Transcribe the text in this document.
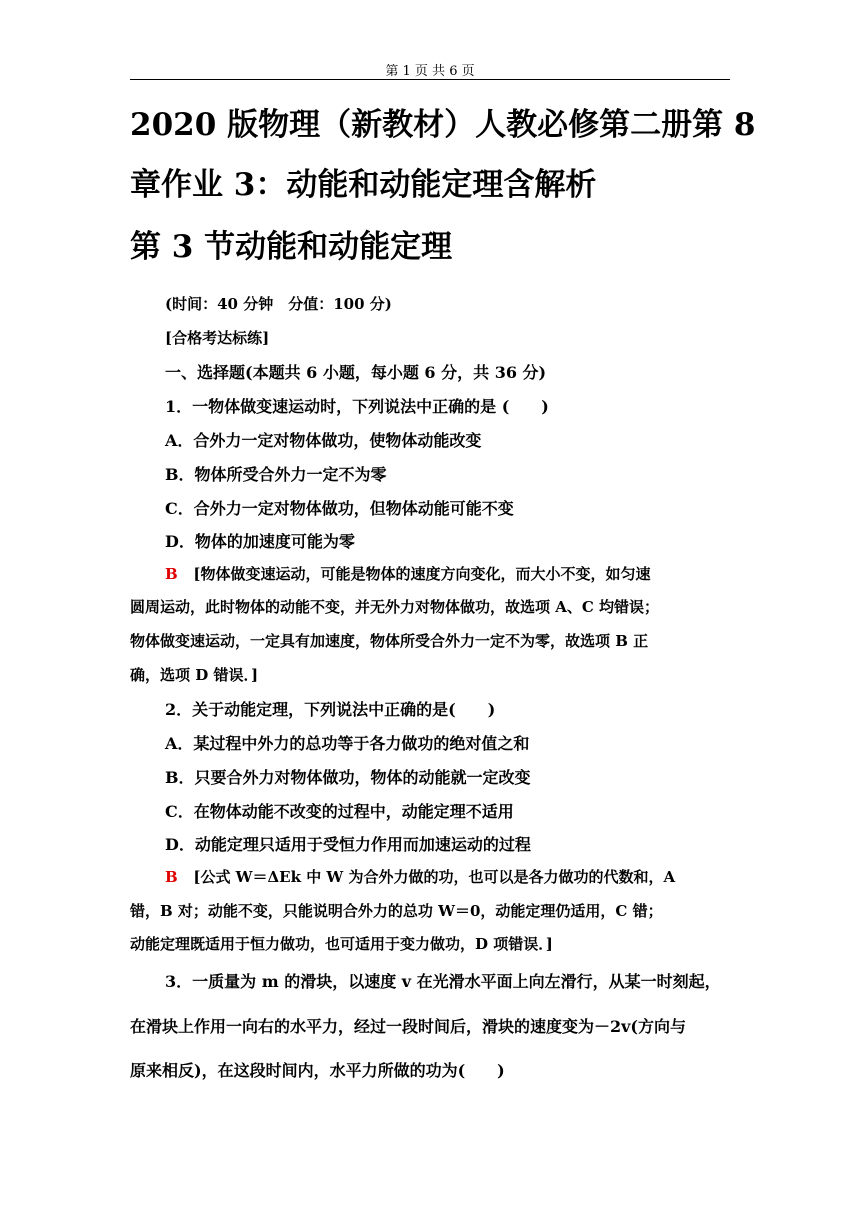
第 1 页 共 6 页
2020 版物理（新教材）人教必修第二册第 8
章作业 3：动能和动能定理含解析
第 3 节动能和动能定理
(时间：40 分钟　分值：100 分)
[合格考达标练]
一、选择题(本题共 6 小题，每小题 6 分，共 36 分)
1．一物体做变速运动时，下列说法中正确的是 (　　)
A．合外力一定对物体做功，使物体动能改变
B．物体所受合外力一定不为零
C．合外力一定对物体做功，但物体动能可能不变
D．物体的加速度可能为零
B [物体做变速运动，可能是物体的速度方向变化，而大小不变，如匀速
圆周运动，此时物体的动能不变，并无外力对物体做功，故选项 A、C 均错误；
物体做变速运动，一定具有加速度，物体所受合外力一定不为零，故选项 B 正
确，选项 D 错误．]
2．关于动能定理，下列说法中正确的是(　　)
A．某过程中外力的总功等于各力做功的绝对值之和
B．只要合外力对物体做功，物体的动能就一定改变
C．在物体动能不改变的过程中，动能定理不适用
D．动能定理只适用于受恒力作用而加速运动的过程
B [公式 W＝ΔEk 中 W 为合外力做的功，也可以是各力做功的代数和，A
错，B 对；动能不变，只能说明合外力的总功 W＝0，动能定理仍适用，C 错；
动能定理既适用于恒力做功，也可适用于变力做功，D 项错误．]
3．一质量为 m 的滑块，以速度 v 在光滑水平面上向左滑行，从某一时刻起，
在滑块上作用一向右的水平力，经过一段时间后，滑块的速度变为－2v(方向与
原来相反)，在这段时间内，水平力所做的功为(　　)
